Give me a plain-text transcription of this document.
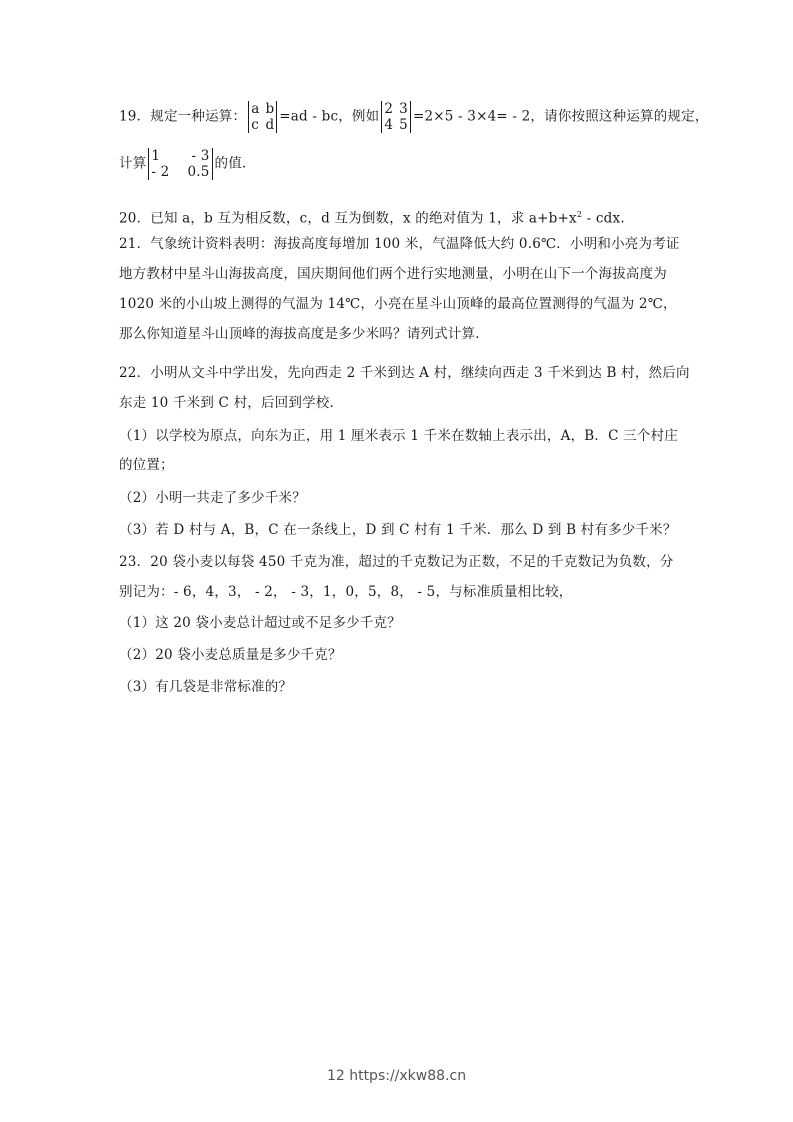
19．规定一种运算： a b
c d
=ad - bc，例如 2 3
4 5
=2×5 - 3×4= - 2，请你按照这种运算的规定，
计算 1 - 3
- 2 0.5
的值.
20．已知 a，b 互为相反数，c，d 互为倒数，x 的绝对值为 1，求 $a+b+x^2$ - cdx.
21．气象统计资料表明：海拔高度每增加 100 米，气温降低大约 0.6℃．小明和小亮为考证
地方教材中星斗山海拔高度，国庆期间他们两个进行实地测量，小明在山下一个海拔高度为
1020 米的小山坡上测得的气温为 14℃，小亮在星斗山顶峰的最高位置测得的气温为 2℃，
那么你知道星斗山顶峰的海拔高度是多少米吗？请列式计算.
22．小明从文斗中学出发，先向西走 2 千米到达 A 村，继续向西走 3 千米到达 B 村，然后向
东走 10 千米到 C 村，后回到学校.
（1）以学校为原点，向东为正，用 1 厘米表示 1 千米在数轴上表示出，A，B．C 三个村庄
的位置；
（2）小明一共走了多少千米？
（3）若 D 村与 A，B，C 在一条线上，D 到 C 村有 1 千米．那么 D 到 B 村有多少千米？
23．20 袋小麦以每袋 450 千克为准，超过的千克数记为正数，不足的千克数记为负数，分
别记为：- 6，4，3， - 2， - 3，1，0，5，8， - 5，与标准质量相比较，
（1）这 20 袋小麦总计超过或不足多少千克？
（2）20 袋小麦总质量是多少千克？
（3）有几袋是非常标准的？
12 https://xkw88.cn
